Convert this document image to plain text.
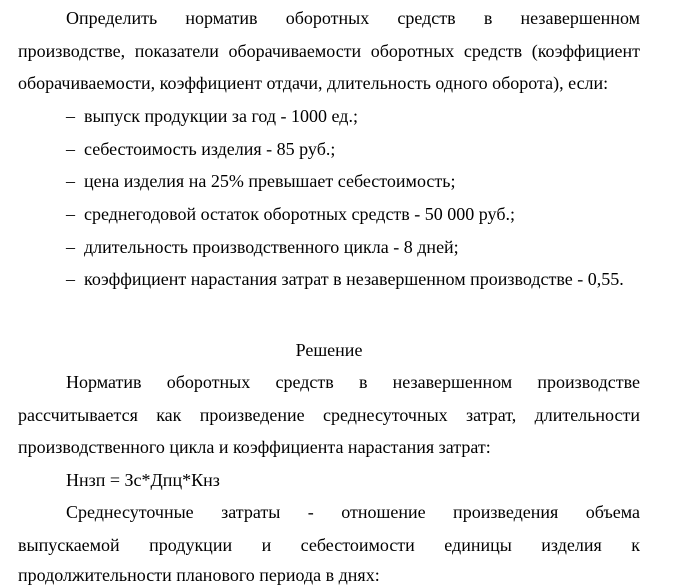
Определить норматив оборотных средств в незавершенном
производстве, показатели оборачиваемости оборотных средств (коэффициент
оборачиваемости, коэффициент отдачи, длительность одного оборота), если:
– выпуск продукции за год - 1000 ед.;
– себестоимость изделия - 85 руб.;
– цена изделия на 25% превышает себестоимость;
– среднегодовой остаток оборотных средств - 50 000 руб.;
– длительность производственного цикла - 8 дней;
– коэффициент нарастания затрат в незавершенном производстве - 0,55.
Решение
Норматив оборотных средств в незавершенном производстве
рассчитывается как произведение среднесуточных затрат, длительности
производственного цикла и коэффициента нарастания затрат:
Ннзп = Зс*Дпц*Кнз
Среднесуточные затраты - отношение произведения объема
выпускаемой продукции и себестоимости единицы изделия к
продолжительности планового периода в днях:
